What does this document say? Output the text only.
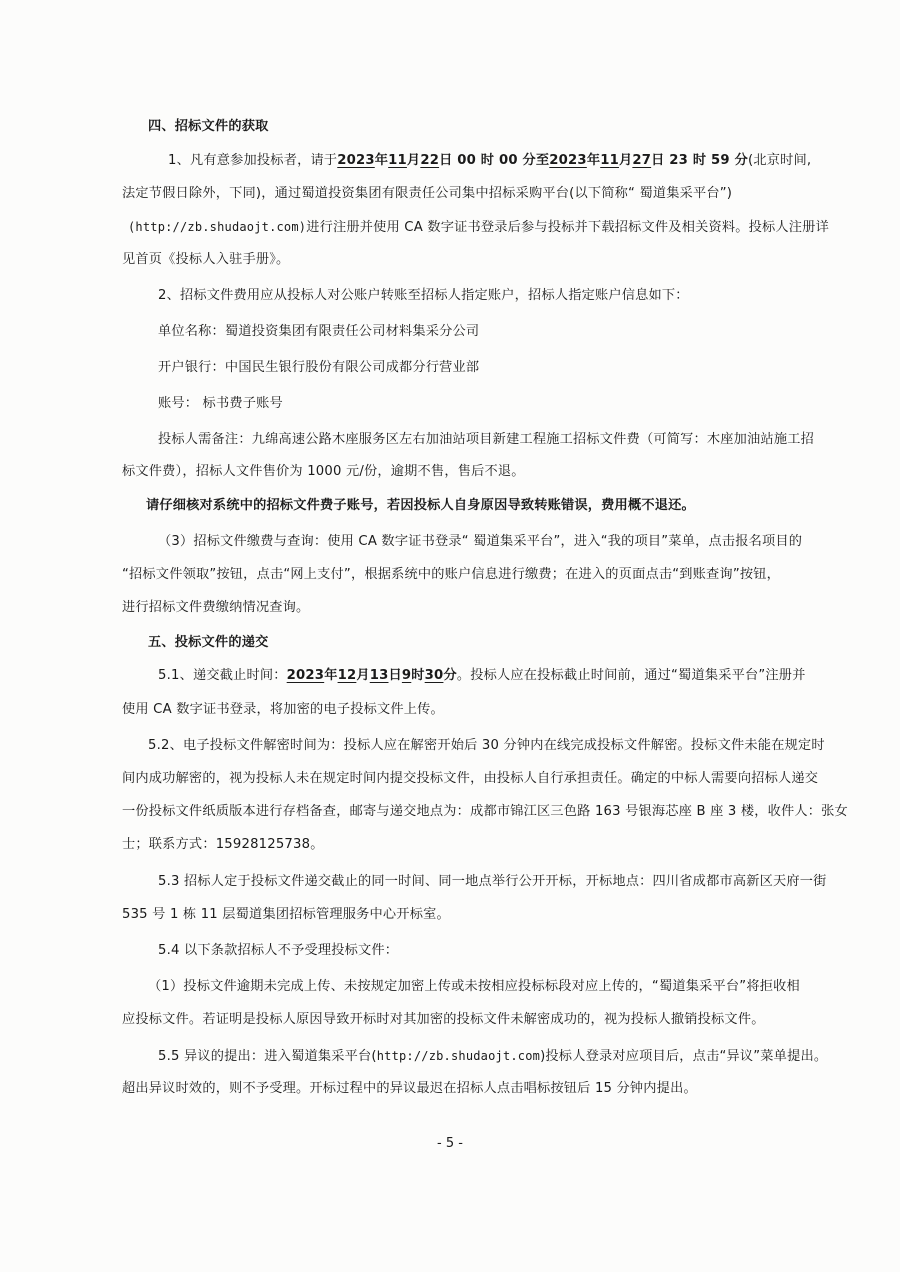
四、招标文件的获取
1、凡有意参加投标者，请于2023年11月22日 00 时 00 分至2023年11月27日 23 时 59 分(北京时间,
法定节假日除外，下同)，通过蜀道投资集团有限责任公司集中招标采购平台(以下简称“ 蜀道集采平台”)
(http://zb.shudaojt.com)进行注册并使用 CA 数字证书登录后参与投标并下载招标文件及相关资料。投标人注册详
见首页《投标人入驻手册》。
2、招标文件费用应从投标人对公账户转账至招标人指定账户，招标人指定账户信息如下：
单位名称：蜀道投资集团有限责任公司材料集采分公司
开户银行：中国民生银行股份有限公司成都分行营业部
账号： 标书费子账号
投标人需备注：九绵高速公路木座服务区左右加油站项目新建工程施工招标文件费（可简写：木座加油站施工招
标文件费），招标人文件售价为 1000 元/份，逾期不售，售后不退。
请仔细核对系统中的招标文件费子账号，若因投标人自身原因导致转账错误，费用概不退还。
（3）招标文件缴费与查询：使用 CA 数字证书登录“ 蜀道集采平台”，进入“我的项目”菜单，点击报名项目的
“招标文件领取”按钮，点击“网上支付”，根据系统中的账户信息进行缴费；在进入的页面点击“到账查询”按钮，
进行招标文件费缴纳情况查询。
五、投标文件的递交
5.1、递交截止时间：2023年12月13日9时30分。投标人应在投标截止时间前，通过“蜀道集采平台”注册并
使用 CA 数字证书登录，将加密的电子投标文件上传。
5.2、电子投标文件解密时间为：投标人应在解密开始后 30 分钟内在线完成投标文件解密。投标文件未能在规定时
间内成功解密的，视为投标人未在规定时间内提交投标文件，由投标人自行承担责任。确定的中标人需要向招标人递交
一份投标文件纸质版本进行存档备查，邮寄与递交地点为：成都市锦江区三色路 163 号银海芯座 B 座 3 楼，收件人：张女
士；联系方式：15928125738。
5.3 招标人定于投标文件递交截止的同一时间、同一地点举行公开开标，开标地点：四川省成都市高新区天府一街
535 号 1 栋 11 层蜀道集团招标管理服务中心开标室。
5.4 以下条款招标人不予受理投标文件：
（1）投标文件逾期未完成上传、未按规定加密上传或未按相应投标标段对应上传的，“蜀道集采平台”将拒收相
应投标文件。若证明是投标人原因导致开标时对其加密的投标文件未解密成功的，视为投标人撤销投标文件。
5.5 异议的提出：进入蜀道集采平台(http://zb.shudaojt.com)投标人登录对应项目后，点击“异议”菜单提出。
超出异议时效的，则不予受理。开标过程中的异议最迟在招标人点击唱标按钮后 15 分钟内提出。
- 5 -
